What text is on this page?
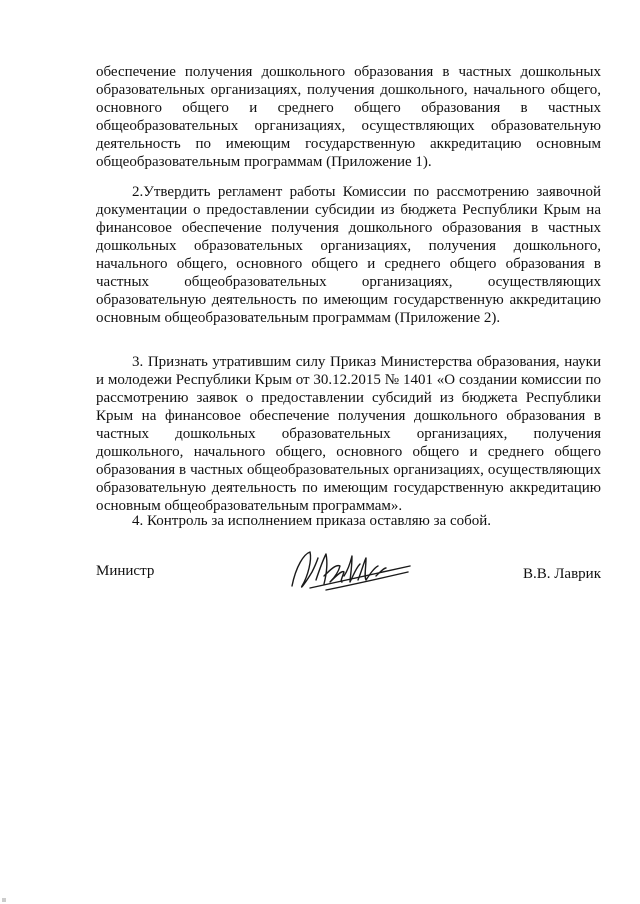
обеспечение получения дошкольного образования в частных дошкольных образовательных организациях, получения дошкольного, начального общего, основного общего и среднего общего образования в частных общеобразовательных организациях, осуществляющих образовательную деятельность по имеющим государственную аккредитацию основным общеобразовательным программам (Приложение 1).

2.Утвердить регламент работы Комиссии по рассмотрению заявочной документации о предоставлении субсидии из бюджета Республики Крым на финансовое обеспечение получения дошкольного образования в частных дошкольных образовательных организациях, получения дошкольного, начального общего, основного общего и среднего общего образования в частных общеобразовательных организациях, осуществляющих образовательную деятельность по имеющим государственную аккредитацию основным общеобразовательным программам (Приложение 2).

3. Признать утратившим силу Приказ Министерства образования, науки и молодежи Республики Крым от 30.12.2015 № 1401 «О создании комиссии по рассмотрению заявок о предоставлении субсидий из бюджета Республики Крым на финансовое обеспечение получения дошкольного образования в частных дошкольных образовательных организациях, получения дошкольного, начального общего, основного общего и среднего общего образования в частных общеобразовательных организациях, осуществляющих образовательную деятельность по имеющим государственную аккредитацию основным общеобразовательным программам».

4. Контроль за исполнением приказа оставляю за собой.

Министр	В.В. Лаврик
